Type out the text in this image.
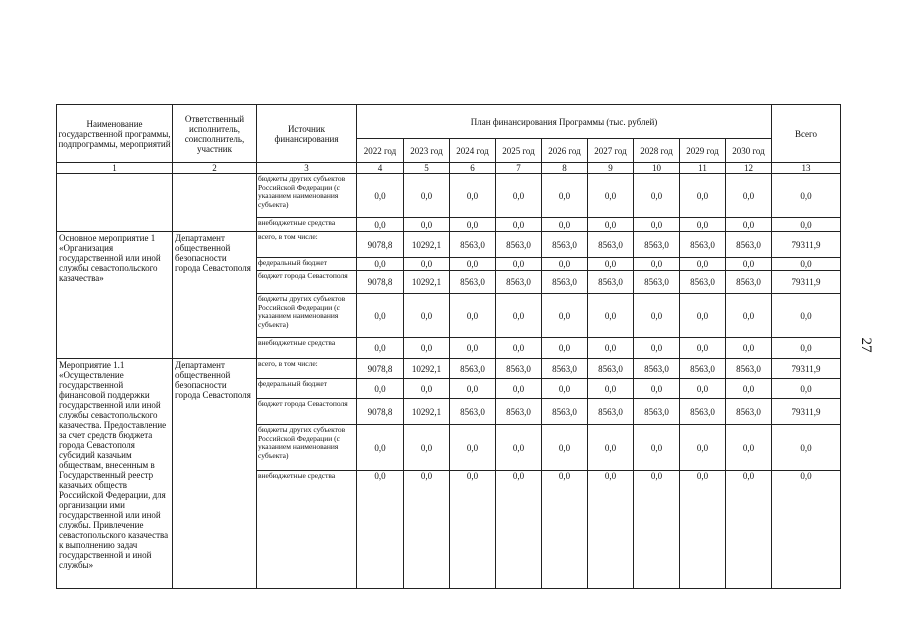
27
Наименование государственной программы, подпрограммы, мероприятий	Ответственный исполнитель, соисполнитель, участник	Источник финансирования	План финансирования Программы (тыс. рублей)									Всего
			2022 год	2023 год	2024 год	2025 год	2026 год	2027 год	2028 год	2029 год	2030 год	
1	2	3	4	5	6	7	8	9	10	11	12	13
		бюджеты других субъектов Российской Федерации (с указанием наименования субъекта)	0,0	0,0	0,0	0,0	0,0	0,0	0,0	0,0	0,0	0,0
		внебюджетные средства	0,0	0,0	0,0	0,0	0,0	0,0	0,0	0,0	0,0	0,0
Основное мероприятие 1 «Организация государственной или иной службы севастопольского казачества»	Департамент общественной безопасности города Севастополя	всего, в том числе:	9078,8	10292,1	8563,0	8563,0	8563,0	8563,0	8563,0	8563,0	8563,0	79311,9
		федеральный бюджет	0,0	0,0	0,0	0,0	0,0	0,0	0,0	0,0	0,0	0,0
		бюджет города Севастополя	9078,8	10292,1	8563,0	8563,0	8563,0	8563,0	8563,0	8563,0	8563,0	79311,9
		бюджеты других субъектов Российской Федерации (с указанием наименования субъекта)	0,0	0,0	0,0	0,0	0,0	0,0	0,0	0,0	0,0	0,0
		внебюджетные средства	0,0	0,0	0,0	0,0	0,0	0,0	0,0	0,0	0,0	0,0
Мероприятие 1.1 «Осуществление государственной финансовой поддержки государственной или иной службы севастопольского казачества. Предоставление за счет средств бюджета города Севастополя субсидий казачьим обществам, внесенным в Государственный реестр казачьих обществ Российской Федерации, для организации ими государственной или иной службы. Привлечение севастопольского казачества к выполнению задач государственной и иной службы»	Департамент общественной безопасности города Севастополя	всего, в том числе:	9078,8	10292,1	8563,0	8563,0	8563,0	8563,0	8563,0	8563,0	8563,0	79311,9
		федеральный бюджет	0,0	0,0	0,0	0,0	0,0	0,0	0,0	0,0	0,0	0,0
		бюджет города Севастополя	9078,8	10292,1	8563,0	8563,0	8563,0	8563,0	8563,0	8563,0	8563,0	79311,9
		бюджеты других субъектов Российской Федерации (с указанием наименования субъекта)	0,0	0,0	0,0	0,0	0,0	0,0	0,0	0,0	0,0	0,0
		внебюджетные средства	0,0	0,0	0,0	0,0	0,0	0,0	0,0	0,0	0,0	0,0
